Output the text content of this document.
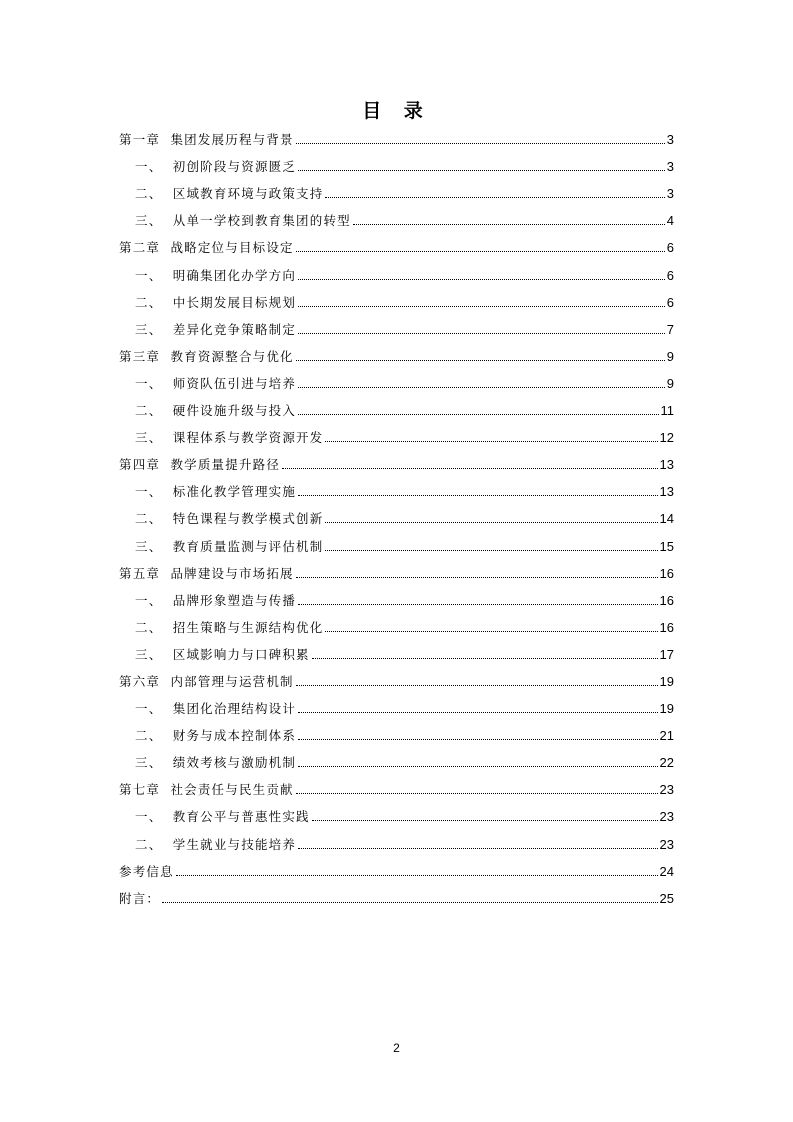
目 录
第一章  集团发展历程与背景	3
一、  初创阶段与资源匮乏	3
二、  区域教育环境与政策支持	3
三、  从单一学校到教育集团的转型	4
第二章  战略定位与目标设定	6
一、  明确集团化办学方向	6
二、  中长期发展目标规划	6
三、  差异化竞争策略制定	7
第三章  教育资源整合与优化	9
一、  师资队伍引进与培养	9
二、  硬件设施升级与投入	11
三、  课程体系与教学资源开发	12
第四章  教学质量提升路径	13
一、  标准化教学管理实施	13
二、  特色课程与教学模式创新	14
三、  教育质量监测与评估机制	15
第五章  品牌建设与市场拓展	16
一、  品牌形象塑造与传播	16
二、  招生策略与生源结构优化	16
三、  区域影响力与口碑积累	17
第六章  内部管理与运营机制	19
一、  集团化治理结构设计	19
二、  财务与成本控制体系	21
三、  绩效考核与激励机制	22
第七章  社会责任与民生贡献	23
一、  教育公平与普惠性实践	23
二、  学生就业与技能培养	23
参考信息	24
附言：	25
2
